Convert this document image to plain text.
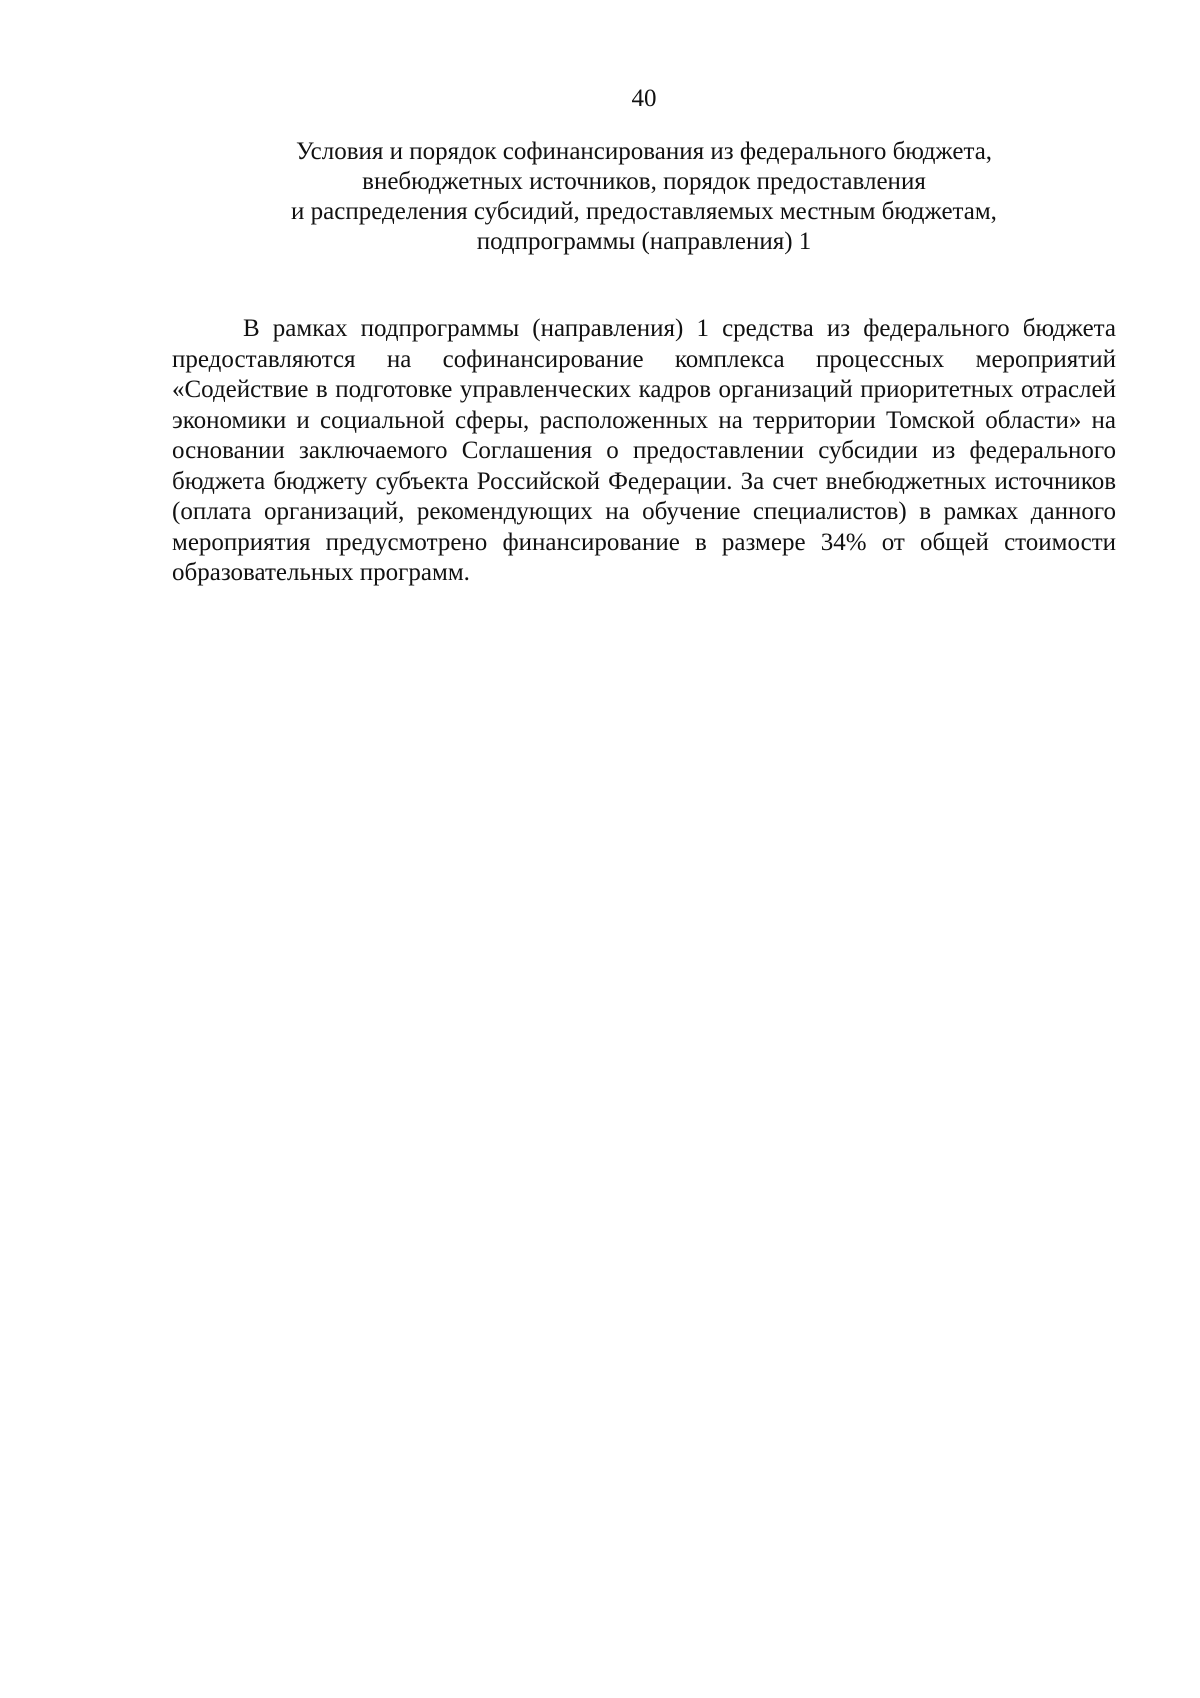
40
Условия и порядок софинансирования из федерального бюджета,
внебюджетных источников, порядок предоставления
и распределения субсидий, предоставляемых местным бюджетам,
подпрограммы (направления) 1

В рамках подпрограммы (направления) 1 средства из федерального бюджета предоставляются на софинансирование комплекса процессных мероприятий «Содействие в подготовке управленческих кадров организаций приоритетных отраслей экономики и социальной сферы, расположенных на территории Томской области» на основании заключаемого Соглашения о предоставлении субсидии из федерального бюджета бюджету субъекта Российской Федерации. За счет внебюджетных источников (оплата организаций, рекомендующих на обучение специалистов) в рамках данного мероприятия предусмотрено финансирование в размере 34% от общей стоимости образовательных программ.
